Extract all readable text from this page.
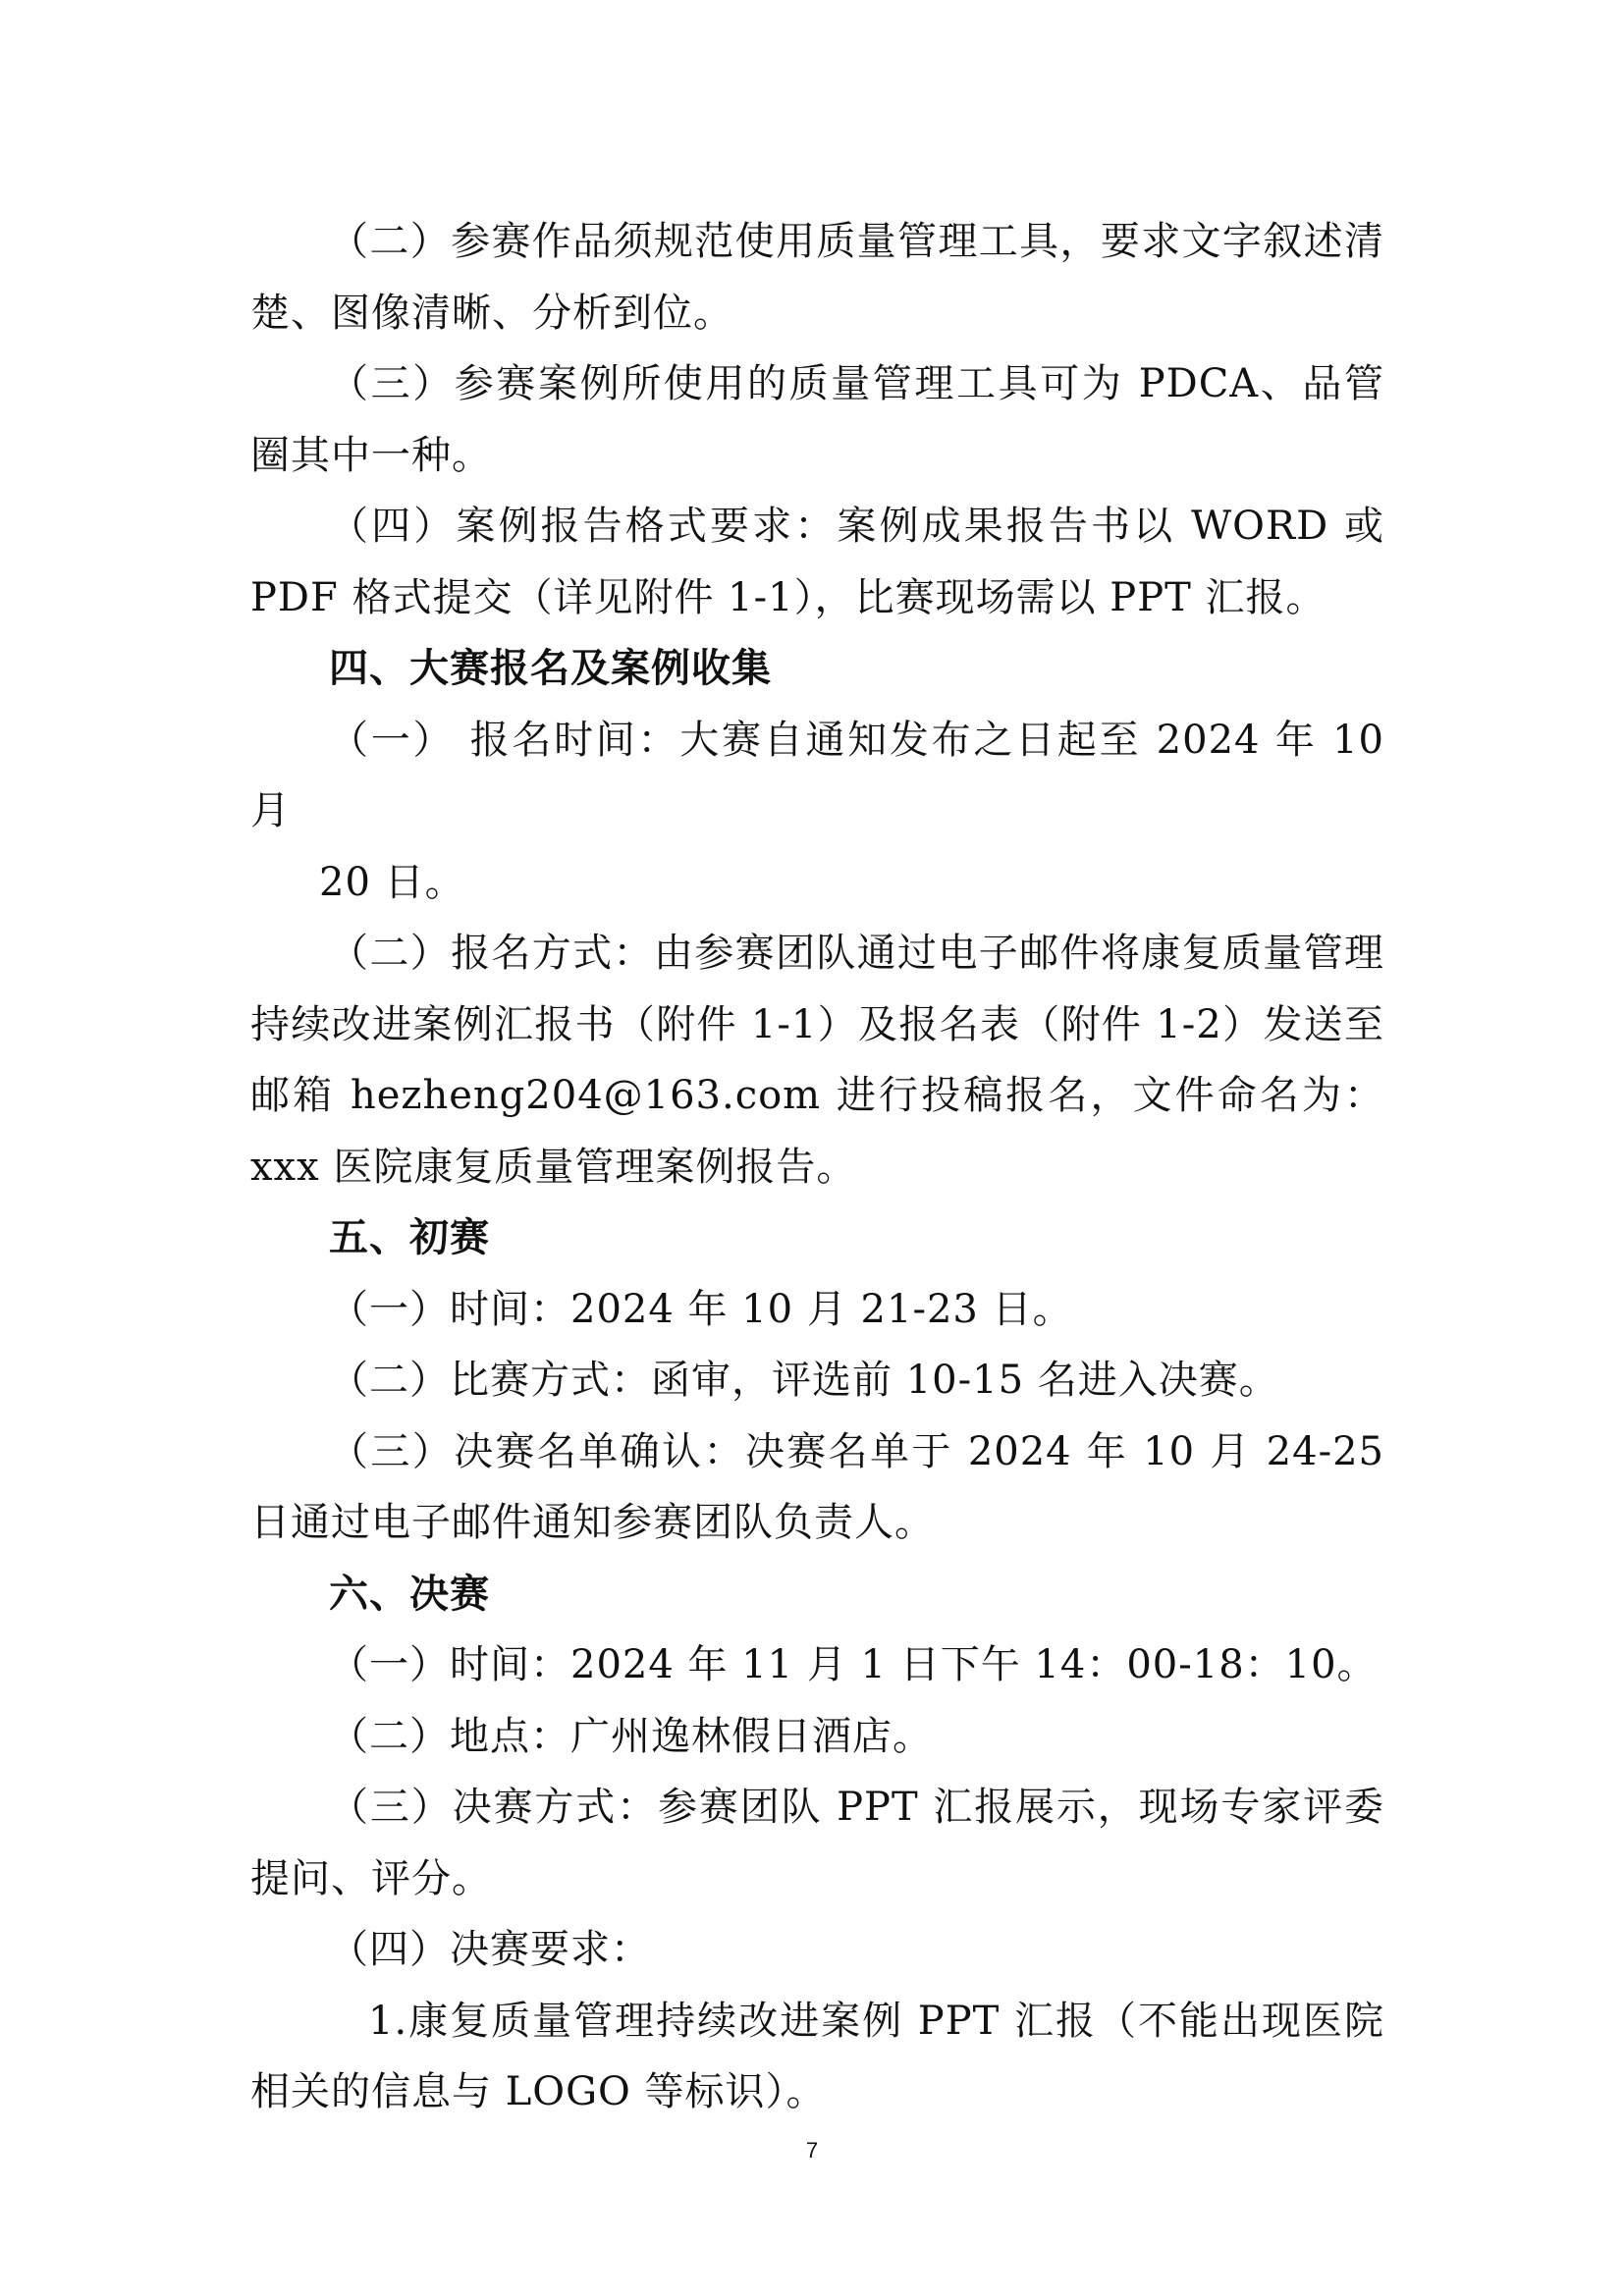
（二）参赛作品须规范使用质量管理工具，要求文字叙述清楚、图像清晰、分析到位。

（三）参赛案例所使用的质量管理工具可为 PDCA、品管圈其中一种。

（四）案例报告格式要求：案例成果报告书以 WORD 或 PDF 格式提交（详见附件 1-1），比赛现场需以 PPT 汇报。

四、大赛报名及案例收集

（一） 报名时间：大赛自通知发布之日起至 2024 年 10 月

20 日。

（二）报名方式：由参赛团队通过电子邮件将康复质量管理持续改进案例汇报书（附件 1-1）及报名表（附件 1-2）发送至邮箱 hezheng204@163.com 进行投稿报名，文件命名为：xxx 医院康复质量管理案例报告。

五、初赛

（一）时间：2024 年 10 月 21-23 日。

（二）比赛方式：函审，评选前 10-15 名进入决赛。

（三）决赛名单确认：决赛名单于 2024 年 10 月 24-25 日通过电子邮件通知参赛团队负责人。

六、决赛

（一）时间：2024 年 11 月 1 日下午 14：00-18：10。

（二）地点：广州逸林假日酒店。

（三）决赛方式：参赛团队 PPT 汇报展示，现场专家评委提问、评分。

（四）决赛要求：

1.康复质量管理持续改进案例 PPT 汇报（不能出现医院相关的信息与 LOGO 等标识）。

7
